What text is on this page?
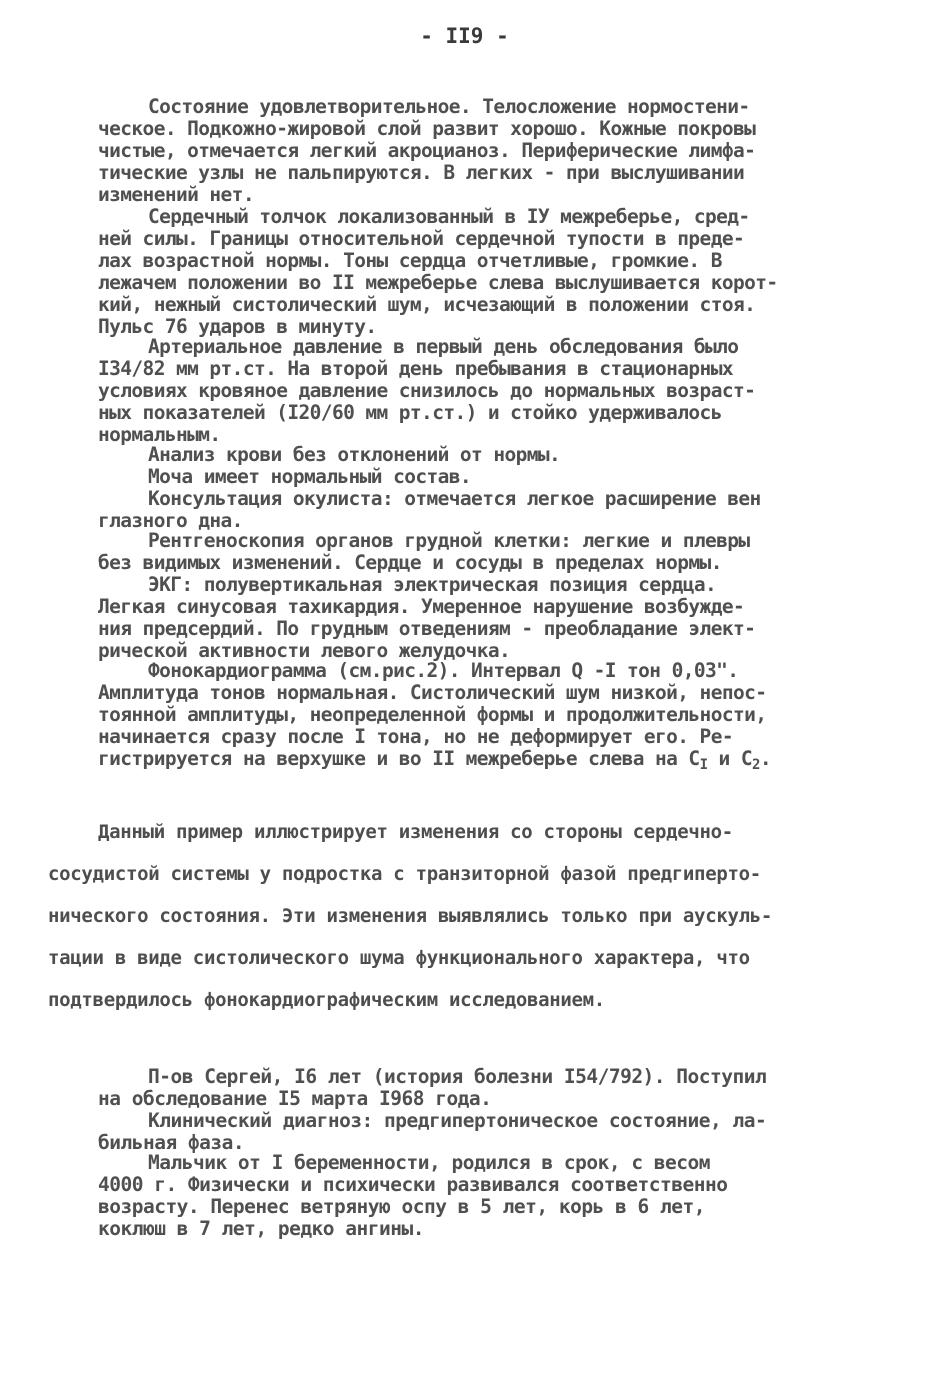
- II9 -
Состояние удовлетворительное. Телосложение нормостени-
ческое. Подкожно-жировой слой развит хорошо. Кожные покровы
чистые, отмечается легкий акроцианоз. Периферические лимфа-
тические узлы не пальпируются. В легких - при выслушивании
изменений нет.
Сердечный толчок локализованный в IУ межреберье, сред-
ней силы. Границы относительной сердечной тупости в преде-
лах возрастной нормы. Тоны сердца отчетливые, громкие. В
лежачем положении во II межреберье слева выслушивается корот-
кий, нежный систолический шум, исчезающий в положении стоя.
Пульс 76 ударов в минуту.
Артериальное давление в первый день обследования было
I34/82 мм рт.ст. На второй день пребывания в стационарных
условиях кровяное давление снизилось до нормальных возраст-
ных показателей (I20/60 мм рт.ст.) и стойко удерживалось
нормальным.
Анализ крови без отклонений от нормы.
Моча имеет нормальный состав.
Консультация окулиста: отмечается легкое расширение вен
глазного дна.
Рентгеноскопия органов грудной клетки: легкие и плевры
без видимых изменений. Сердце и сосуды в пределах нормы.
ЭКГ: полувертикальная электрическая позиция сердца.
Легкая синусовая тахикардия. Умеренное нарушение возбужде-
ния предсердий. По грудным отведениям - преобладание элект-
рической активности левого желудочка.
Фонокардиограмма (см.рис.2). Интервал Q -I тон 0,03".
Амплитуда тонов нормальная. Систолический шум низкой, непос-
тоянной амплитуды, неопределенной формы и продолжительности,
начинается сразу после I тона, но не деформирует его. Ре-
гистрируется на верхушке и во II межреберье слева на $C_I$ и $C_2$.
Данный пример иллюстрирует изменения со стороны сердечно-
сосудистой системы у подростка с транзиторной фазой предгиперто-
нического состояния. Эти изменения выявлялись только при аускуль-
тации в виде систолического шума функционального характера, что
подтвердилось фонокардиографическим исследованием.
П-ов Сергей, I6 лет (история болезни I54/792). Поступил
на обследование I5 марта I968 года.
Клинический диагноз: предгипертоническое состояние, ла-
бильная фаза.
Мальчик от I беременности, родился в срок, с весом
4000 г. Физически и психически развивался соответственно
возрасту. Перенес ветряную оспу в 5 лет, корь в 6 лет,
коклюш в 7 лет, редко ангины.
